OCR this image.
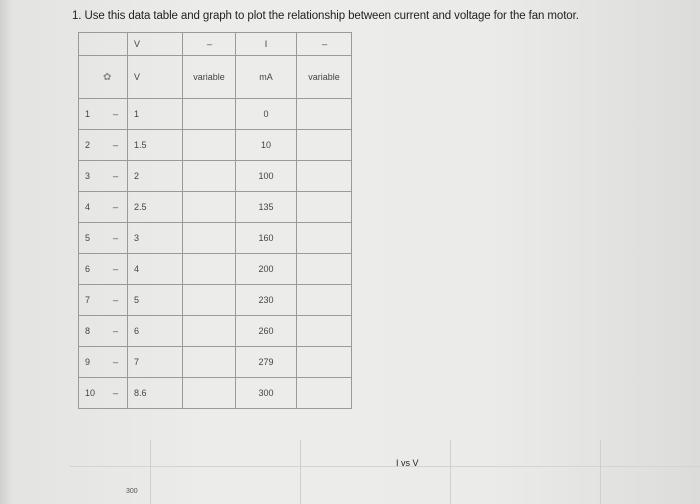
1. Use this data table and graph to plot the relationship between current and voltage for the fan motor.
		V	---	I	---
	✿	V	variable	mA	variable
1	---	1		0	
2	---	1.5		10	
3	---	2		100	
4	---	2.5		135	
5	---	3		160	
6	---	4		200	
7	---	5		230	
8	---	6		260	
9	---	7		279	
10	---	8.6		300	
I vs V
300
